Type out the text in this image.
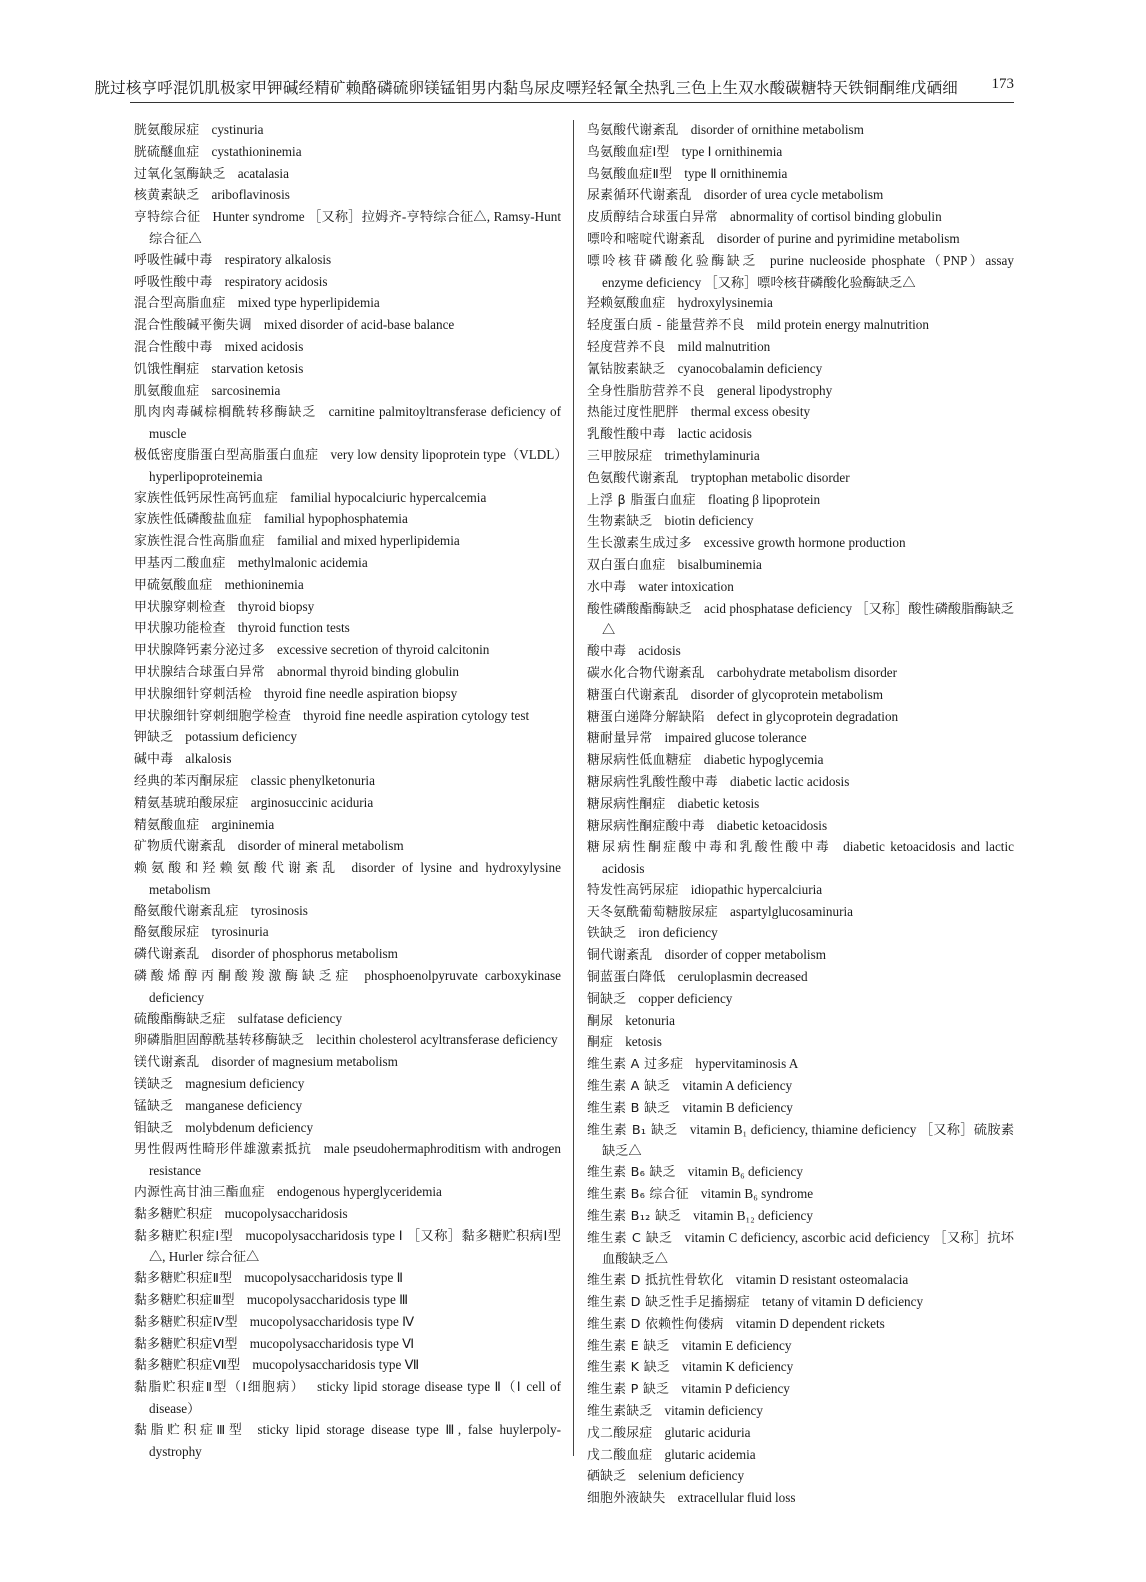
胱过核亨呼混饥肌极家甲钾碱经精矿赖酪磷硫卵镁锰钼男内黏鸟尿皮嘌羟轻氰全热乳三色上生双水酸碳糖特天铁铜酮维戊硒细 173

胱氨酸尿症 cystinuria

胱硫醚血症 cystathioninemia

过氧化氢酶缺乏 acatalasia

核黄素缺乏 ariboflavinosis

亨特综合征 Hunter syndrome ［又称］拉姆齐-亨特综合征△, Ramsy-Hunt 综合征△

呼吸性碱中毒 respiratory alkalosis

呼吸性酸中毒 respiratory acidosis

混合型高脂血症 mixed type hyperlipidemia

混合性酸碱平衡失调 mixed disorder of acid-base balance

混合性酸中毒 mixed acidosis

饥饿性酮症 starvation ketosis

肌氨酸血症 sarcosinemia

肌肉肉毒碱棕榈酰转移酶缺乏 carnitine palmitoyltransferase deficiency of muscle

极低密度脂蛋白型高脂蛋白血症 very low density lipoprotein type（VLDL）hyperlipoproteinemia

家族性低钙尿性高钙血症 familial hypocalciuric hypercalcemia

家族性低磷酸盐血症 familial hypophosphatemia

家族性混合性高脂血症 familial and mixed hyperlipidemia

甲基丙二酸血症 methylmalonic acidemia

甲硫氨酸血症 methioninemia

甲状腺穿刺检查 thyroid biopsy

甲状腺功能检查 thyroid function tests

甲状腺降钙素分泌过多 excessive secretion of thyroid calcitonin

甲状腺结合球蛋白异常 abnormal thyroid binding globulin

甲状腺细针穿刺活检 thyroid fine needle aspiration biopsy

甲状腺细针穿刺细胞学检查 thyroid fine needle aspiration cytology test

钾缺乏 potassium deficiency

碱中毒 alkalosis

经典的苯丙酮尿症 classic phenylketonuria

精氨基琥珀酸尿症 arginosuccinic aciduria

精氨酸血症 argininemia

矿物质代谢紊乱 disorder of mineral metabolism

赖氨酸和羟赖氨酸代谢紊乱 disorder of lysine and hydroxylysine metabolism

酪氨酸代谢紊乱症 tyrosinosis

酪氨酸尿症 tyrosinuria

磷代谢紊乱 disorder of phosphorus metabolism

磷酸烯醇丙酮酸羧激酶缺乏症 phosphoenolpyruvate carboxykinase deficiency

硫酸酯酶缺乏症 sulfatase deficiency

卵磷脂胆固醇酰基转移酶缺乏 lecithin cholesterol acyltransferase deficiency

镁代谢紊乱 disorder of magnesium metabolism

镁缺乏 magnesium deficiency

锰缺乏 manganese deficiency

钼缺乏 molybdenum deficiency

男性假两性畸形伴雄激素抵抗 male pseudohermaphroditism with androgen resistance

内源性高甘油三酯血症 endogenous hyperglyceridemia

黏多糖贮积症 mucopolysaccharidosis

黏多糖贮积症Ⅰ型 mucopolysaccharidosis type Ⅰ ［又称］黏多糖贮积病Ⅰ型△, Hurler 综合征△

黏多糖贮积症Ⅱ型 mucopolysaccharidosis type Ⅱ

黏多糖贮积症Ⅲ型 mucopolysaccharidosis type Ⅲ

黏多糖贮积症Ⅳ型 mucopolysaccharidosis type Ⅳ

黏多糖贮积症Ⅵ型 mucopolysaccharidosis type Ⅵ

黏多糖贮积症Ⅶ型 mucopolysaccharidosis type Ⅶ

黏脂贮积症Ⅱ型（Ⅰ细胞病） sticky lipid storage disease type Ⅱ（Ⅰ cell of disease）

黏脂贮积症Ⅲ型 sticky lipid storage disease type Ⅲ, false huylerpoly-dystrophy

鸟氨酸代谢紊乱 disorder of ornithine metabolism

鸟氨酸血症Ⅰ型 type Ⅰ ornithinemia

鸟氨酸血症Ⅱ型 type Ⅱ ornithinemia

尿素循环代谢紊乱 disorder of urea cycle metabolism

皮质醇结合球蛋白异常 abnormality of cortisol binding globulin

嘌呤和嘧啶代谢紊乱 disorder of purine and pyrimidine metabolism

嘌呤核苷磷酸化验酶缺乏 purine nucleoside phosphate（PNP）assay enzyme deficiency ［又称］嘌呤核苷磷酸化验酶缺乏△

羟赖氨酸血症 hydroxylysinemia

轻度蛋白质 - 能量营养不良 mild protein energy malnutrition

轻度营养不良 mild malnutrition

氰钴胺素缺乏 cyanocobalamin deficiency

全身性脂肪营养不良 general lipodystrophy

热能过度性肥胖 thermal excess obesity

乳酸性酸中毒 lactic acidosis

三甲胺尿症 trimethylaminuria

色氨酸代谢紊乱 tryptophan metabolic disorder

上浮 β 脂蛋白血症 floating β lipoprotein

生物素缺乏 biotin deficiency

生长激素生成过多 excessive growth hormone production

双白蛋白血症 bisalbuminemia

水中毒 water intoxication

酸性磷酸酯酶缺乏 acid phosphatase deficiency ［又称］酸性磷酸脂酶缺乏△

酸中毒 acidosis

碳水化合物代谢紊乱 carbohydrate metabolism disorder

糖蛋白代谢紊乱 disorder of glycoprotein metabolism

糖蛋白递降分解缺陷 defect in glycoprotein degradation

糖耐量异常 impaired glucose tolerance

糖尿病性低血糖症 diabetic hypoglycemia

糖尿病性乳酸性酸中毒 diabetic lactic acidosis

糖尿病性酮症 diabetic ketosis

糖尿病性酮症酸中毒 diabetic ketoacidosis

糖尿病性酮症酸中毒和乳酸性酸中毒 diabetic ketoacidosis and lactic acidosis

特发性高钙尿症 idiopathic hypercalciuria

天冬氨酰葡萄糖胺尿症 aspartylglucosaminuria

铁缺乏 iron deficiency

铜代谢紊乱 disorder of copper metabolism

铜蓝蛋白降低 ceruloplasmin decreased

铜缺乏 copper deficiency

酮尿 ketonuria

酮症 ketosis

维生素 A 过多症 hypervitaminosis A

维生素 A 缺乏 vitamin A deficiency

维生素 B 缺乏 vitamin B deficiency

维生素 B₁ 缺乏 vitamin B₁ deficiency, thiamine deficiency ［又称］硫胺素缺乏△

维生素 B₆ 缺乏 vitamin B₆ deficiency

维生素 B₆ 综合征 vitamin B₆ syndrome

维生素 B₁₂ 缺乏 vitamin B₁₂ deficiency

维生素 C 缺乏 vitamin C deficiency, ascorbic acid deficiency ［又称］抗坏血酸缺乏△

维生素 D 抵抗性骨软化 vitamin D resistant osteomalacia

维生素 D 缺乏性手足搐搦症 tetany of vitamin D deficiency

维生素 D 依赖性佝偻病 vitamin D dependent rickets

维生素 E 缺乏 vitamin E deficiency

维生素 K 缺乏 vitamin K deficiency

维生素 P 缺乏 vitamin P deficiency

维生素缺乏 vitamin deficiency

戊二酸尿症 glutaric aciduria

戊二酸血症 glutaric acidemia

硒缺乏 selenium deficiency

细胞外液缺失 extracellular fluid loss
